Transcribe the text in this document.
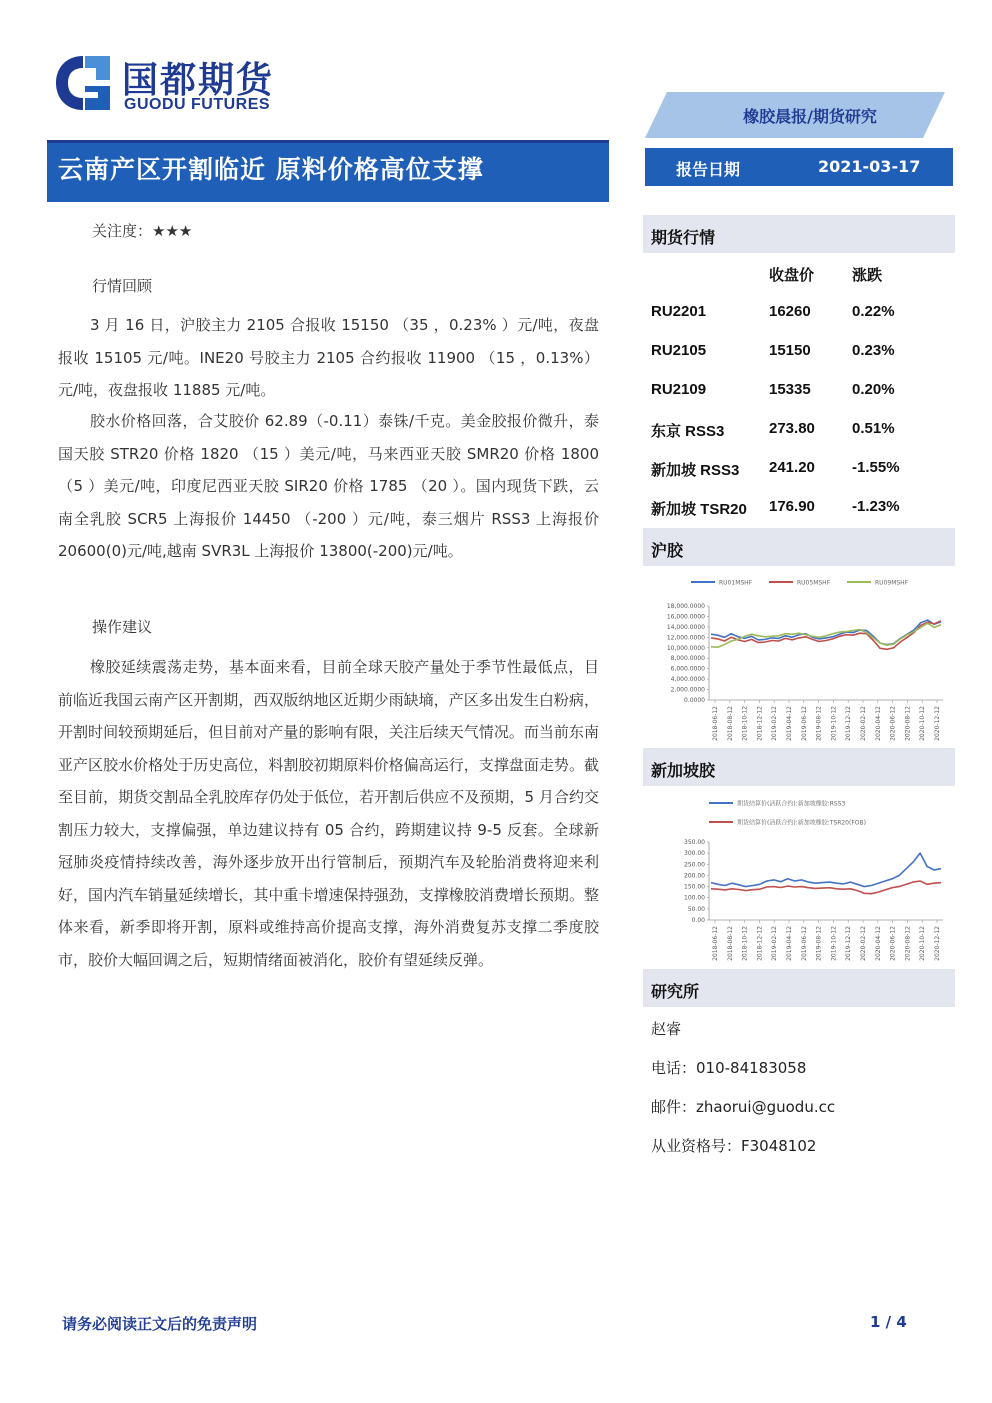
国都期货
GUODU FUTURES
橡胶晨报/期货研究
云南产区开割临近 原料价格高位支撑	报告日期	2021-03-17
关注度：★★★
行情回顾
3 月 16 日，沪胶主力 2105 合报收 15150 （35 ，0.23% ）元/吨，夜盘报收 15105 元/吨。INE20 号胶主力 2105 合约报收 11900 （15 ，0.13%）元/吨，夜盘报收 11885 元/吨。
胶水价格回落，合艾胶价 62.89（-0.11）泰铢/千克。美金胶报价微升，泰国天胶 STR20 价格 1820 （15 ）美元/吨，马来西亚天胶 SMR20 价格 1800 （5 ）美元/吨，印度尼西亚天胶 SIR20 价格 1785 （20 ）。国内现货下跌，云南全乳胶 SCR5 上海报价 14450 （-200 ）元/吨，泰三烟片 RSS3 上海报价 20600(0)元/吨,越南 SVR3L 上海报价 13800(-200)元/吨。
操作建议
橡胶延续震荡走势，基本面来看，目前全球天胶产量处于季节性最低点，目前临近我国云南产区开割期，西双版纳地区近期少雨缺墒，产区多出发生白粉病，开割时间较预期延后，但目前对产量的影响有限，关注后续天气情况。而当前东南亚产区胶水价格处于历史高位，料割胶初期原料价格偏高运行，支撑盘面走势。截至目前，期货交割品全乳胶库存仍处于低位，若开割后供应不及预期，5 月合约交割压力较大，支撑偏强，单边建议持有 05 合约，跨期建议持 9-5 反套。全球新冠肺炎疫情持续改善，海外逐步放开出行管制后，预期汽车及轮胎消费将迎来利好，国内汽车销量延续增长，其中重卡增速保持强劲，支撑橡胶消费增长预期。整体来看，新季即将开割，原料或维持高价提高支撑，海外消费复苏支撑二季度胶市，胶价大幅回调之后，短期情绪面被消化，胶价有望延续反弹。
期货行情
收盘价	涨跌
RU2201	16260	0.22%
RU2105	15150	0.23%
RU2109	15335	0.20%
东京 RSS3	273.80 0.51%
新加坡 RSS3 241.20 -1.55%
新加坡 TSR20 176.90 -1.23%
沪胶
RU01MSHF	RU05MSHF	RU09MSHF
18,000.0000
16,000.0000
14,000.0000
12,000.0000
10,000.0000
8,000.0000
6,000.0000
4,000.0000
2,000.0000
0.0000
2018-06-12 2018-08-12 2018-10-12 2018-12-12 2019-02-12 2019-04-12 2019-06-12 2019-08-12 2019-10-12 2019-12-12 2020-02-12 2020-04-12 2020-06-12 2020-08-12 2020-10-12 2020-12-12
新加坡胶
期货结算价(活跃合约):新加坡橡胶:RSS3
期货结算价(活跃合约):新加坡橡胶:TSR20(FOB)
350.00
300.00
250.00
200.00
150.00
100.00
50.00
0.00
2018-06-12 2018-08-12 2018-10-12 2018-12-12 2019-02-12 2019-04-12 2019-06-12 2019-08-12 2019-10-12 2019-12-12 2020-02-12 2020-04-12 2020-06-12 2020-08-12 2020-10-12 2020-12-12
研究所
赵睿
电话：010-84183058
邮件：zhaorui@guodu.cc
从业资格号：F3048102
请务必阅读正文后的免责声明	1 / 4
